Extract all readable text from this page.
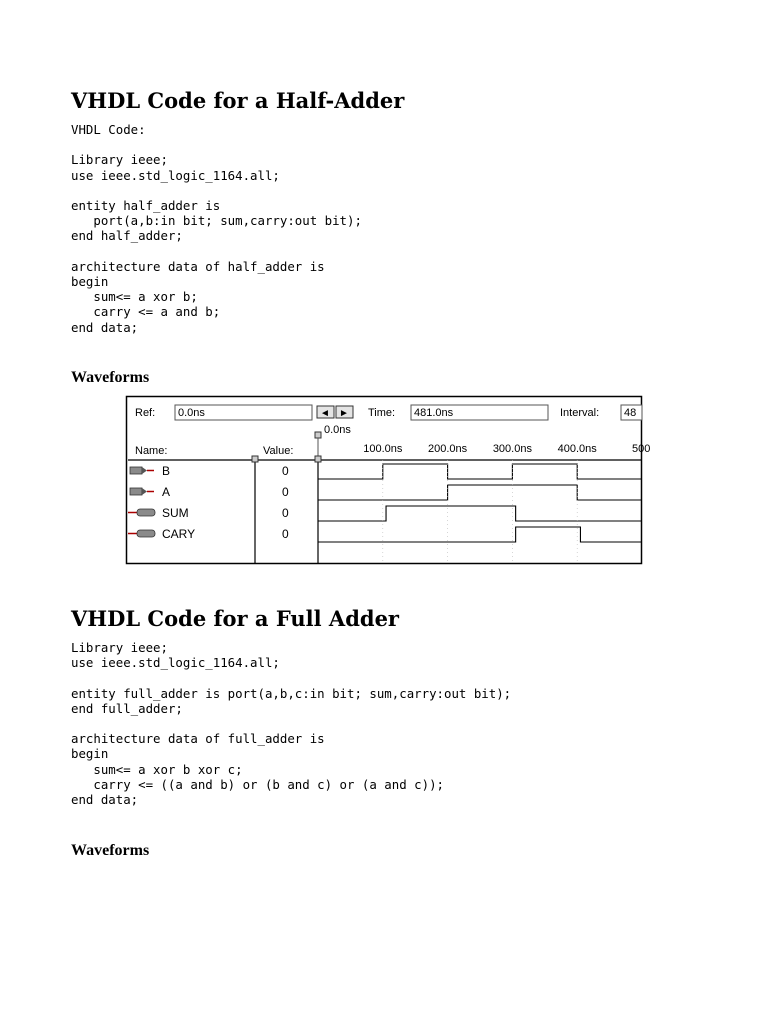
VHDL Code for a Half-Adder
VHDL Code:

Library ieee;
use ieee.std_logic_1164.all;

entity half_adder is
port(a,b:in bit; sum,carry:out bit);
end half_adder;

architecture data of half_adder is
begin
sum<= a xor b;
carry <= a and b;
end data;
Waveforms
Ref: 0.0ns	◄ ► Time: 481.0ns	Interval: 48
0.0ns
Name:	Value:	100.0ns 200.0ns 300.0ns 400.0ns	500
B	0
A	0
SUM	0
CARY	0
VHDL Code for a Full Adder
Library ieee;
use ieee.std_logic_1164.all;

entity full_adder is port(a,b,c:in bit; sum,carry:out bit);
end full_adder;

architecture data of full_adder is
begin
sum<= a xor b xor c;
carry <= ((a and b) or (b and c) or (a and c));
end data;
Waveforms
